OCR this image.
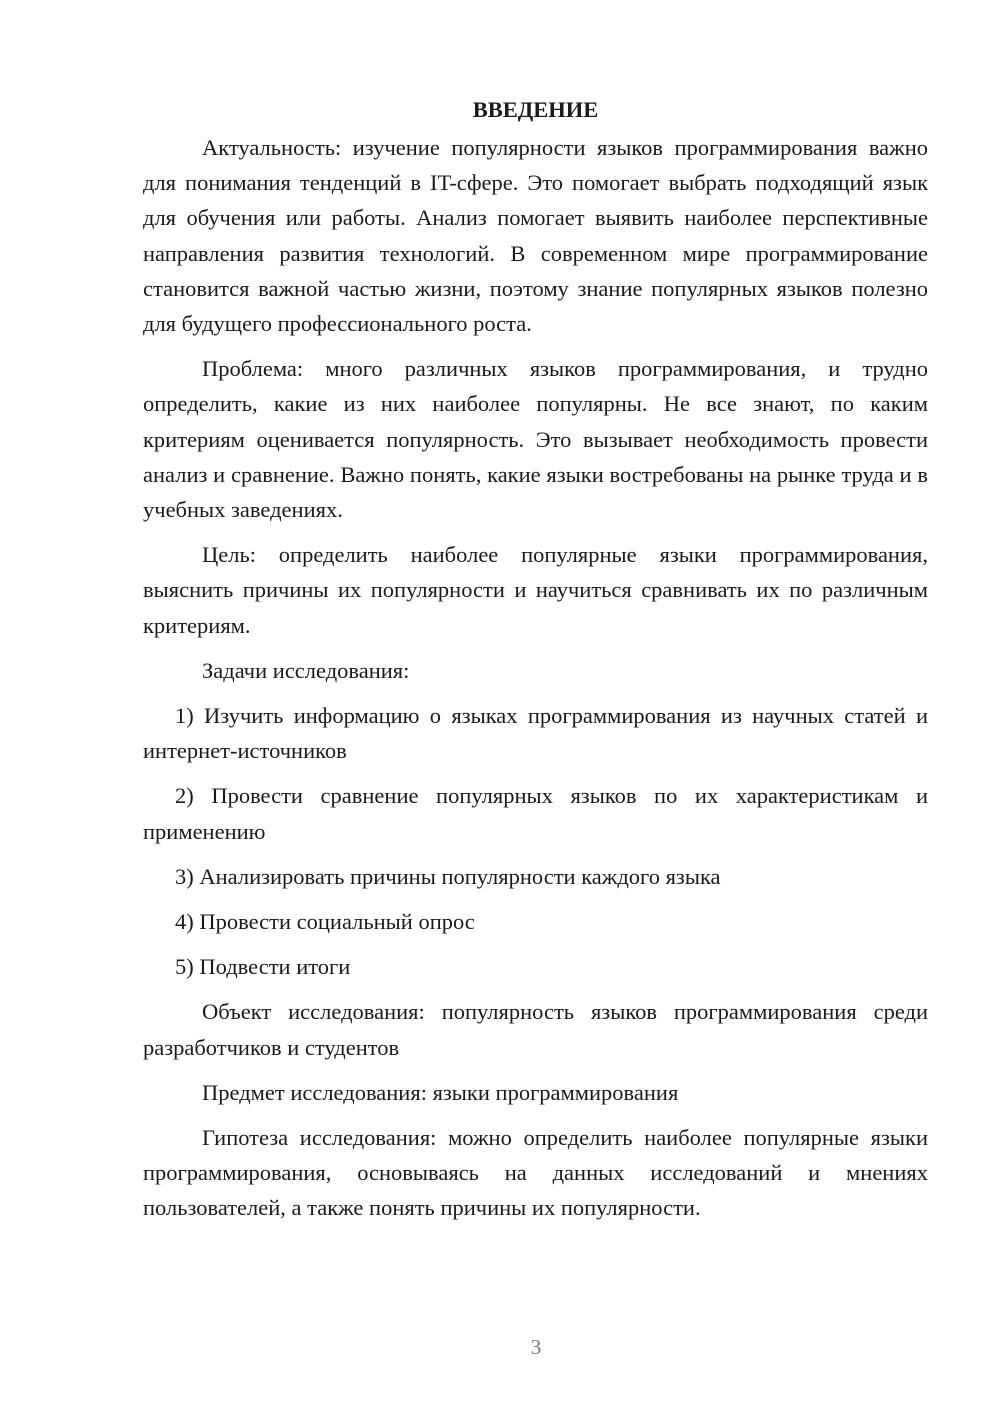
ВВЕДЕНИЕ

Актуальность: изучение популярности языков программирования важно для понимания тенденций в IT-сфере. Это помогает выбрать подходящий язык для обучения или работы. Анализ помогает выявить наиболее перспективные направления развития технологий. В современном мире программирование становится важной частью жизни, поэтому знание популярных языков полезно для будущего профессионального роста.

Проблема: много различных языков программирования, и трудно определить, какие из них наиболее популярны. Не все знают, по каким критериям оценивается популярность. Это вызывает необходимость провести анализ и сравнение. Важно понять, какие языки востребованы на рынке труда и в учебных заведениях.

Цель: определить наиболее популярные языки программирования, выяснить причины их популярности и научиться сравнивать их по различным критериям.

Задачи исследования:

1) Изучить информацию о языках программирования из научных статей и интернет-источников

2) Провести сравнение популярных языков по их характеристикам и применению

3) Анализировать причины популярности каждого языка

4) Провести социальный опрос

5) Подвести итоги

Объект исследования: популярность языков программирования среди разработчиков и студентов

Предмет исследования: языки программирования

Гипотеза исследования: можно определить наиболее популярные языки программирования, основываясь на данных исследований и мнениях пользователей, а также понять причины их популярности.

3
